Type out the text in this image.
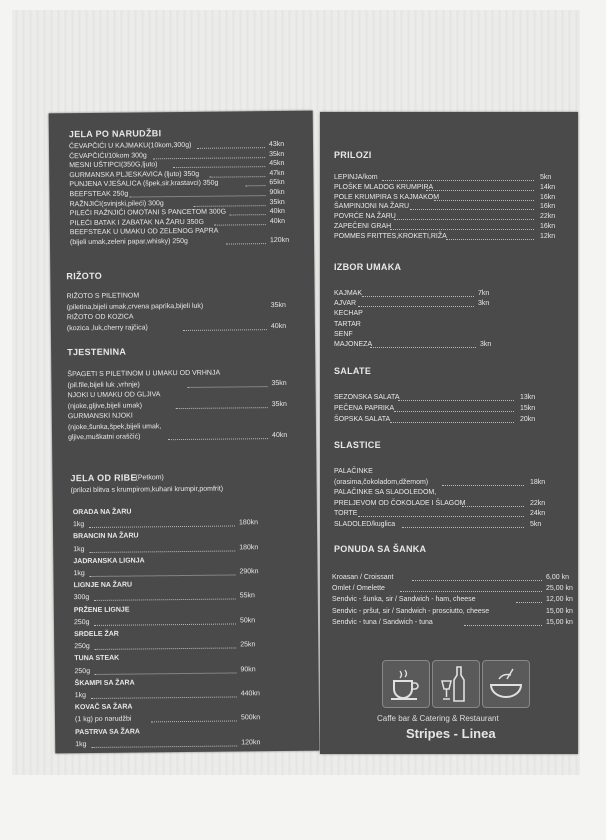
JELA PO NARUDŽBI
ĆEVAPČIĆI U KAJMAKU(10kom,300g)	43kn
ĆEVAPČIĆI/10kom 300g	35kn
MESNI UŠTIPCI(350G,ljuto)	45kn
GURMANSKA PLJESKAVICA (ljuto) 350g	47kn
PUNJENA VJEŠALICA (špek,sir,krastavci) 350g	65kn
BEEFSTEAK 250g	90kn
RAŽNJIĆI(svinjski,pileći) 300g	35kn
PILEĆI RAŽNJIĆI OMOTANI S PANCETOM 300G	40kn
PILEĆI BATAK I ZABATAK NA ŽARU 350G	40kn
BEEFSTEAK U UMAKU OD ZELENOG PAPRA
(bijeli umak,zeleni papar,whisky) 250g	120kn
RIŽOTO
RIŽOTO S PILETINOM
(piletina,bijeli umak,crvena paprika,bijeli luk)	35kn
RIŽOTO OD KOZICA
(kozica ,luk,cherry rajčica)	40kn
TJESTENINA
ŠPAGETI S PILETINOM U UMAKU OD VRHNJA
(pil.file,bijeli luk ,vrhnje)	35kn
NJOKI U UMAKU OD GLJIVA
(njoke,gljive,bijeli umak)	35kn
GURMANSKI NJOKI
(njoke,šunka,špek,bijeli umak,
gljive,muškatni oraščić)	40kn
JELA OD RIBE
(Petkom)
(prilozi blitva s krumpirom,kuhani krumpir,pomfrit)
ORADA NA ŽARU
1kg	180kn
BRANCIN NA ŽARU
1kg	180kn
JADRANSKA LIGNJA
1kg	290kn
LIGNJE NA ŽARU
300g	55kn
PRŽENE LIGNJE
250g	50kn
SRDELE ŽAR
250g	25kn
TUNA STEAK
250g	90kn
ŠKAMPI SA ŽARA
1kg	440kn
KOVAČ SA ŽARA
(1 kg) po narudžbi	500kn
PASTRVA SA ŽARA
1kg	120kn
PRILOZI
LEPINJA/kom	5kn
PLOŠKE MLADOG KRUMPIRA	14kn
POLE KRUMPIRA S KAJMAKOM	16kn
ŠAMPINJONI NA ŽARU	16kn
POVRĆE NA ŽARU	22kn
ZAPEČENI GRAH	16kn
POMMES FRITTES,KROKETI,RIŽA	12kn
IZBOR UMAKA
KAJMAK	7kn
AJVAR	3kn
KECHAP
TARTAR
SENF
MAJONEZA	3kn
SALATE
SEZONSKA SALATA	13kn
PEČENA PAPRIKA	15kn
ŠOPSKA SALATA	20kn
SLASTICE
PALAČINKE
(orasima,čokoladom,džemom)	18kn
PALAČINKE SA SLADOLEDOM,
PRELJEVOM OD ČOKOLADE I ŠLAGOM	22kn
TORTE	24kn
SLADOLED/kuglica	5kn
PONUDA SA ŠANKA
Kroasan / Croissant	6,00 kn
Omlet / Omelette	25,00 kn
Sendvic - šunka, sir / Sandwich - ham, cheese	12,00 kn
Sendvic - pršut, sir / Sandwich - prosciutto, cheese	15,00 kn
Sendvic - tuna / Sandwich - tuna	15,00 kn
Caffe bar & Catering & Restaurant
Stripes - Linea
